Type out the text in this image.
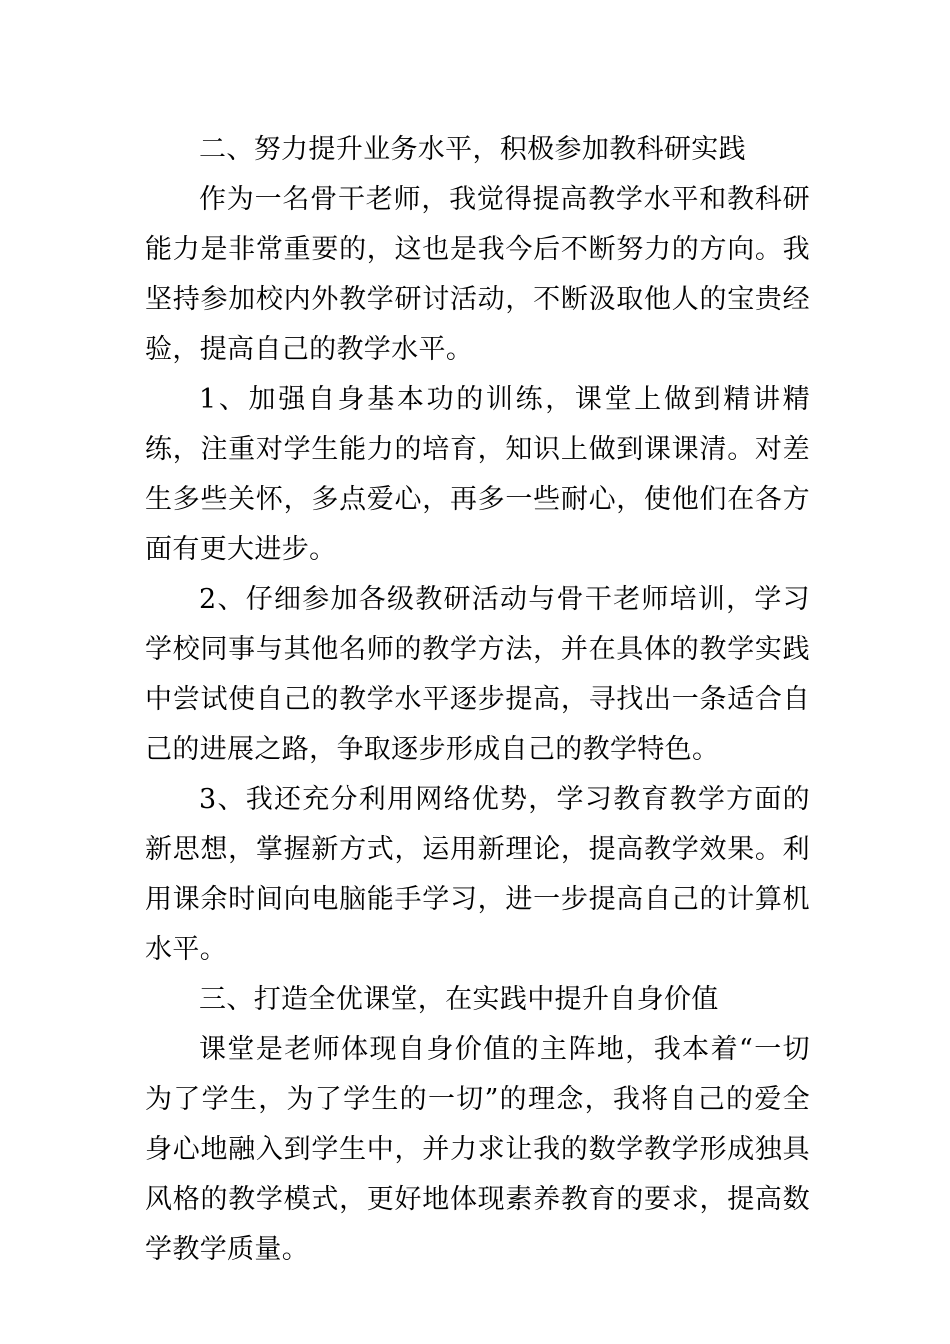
二、努力提升业务水平，积极参加教科研实践

作为一名骨干老师，我觉得提高教学水平和教科研能力是非常重要的，这也是我今后不断努力的方向。我坚持参加校内外教学研讨活动，不断汲取他人的宝贵经验，提高自己的教学水平。

1、加强自身基本功的训练，课堂上做到精讲精练，注重对学生能力的培育，知识上做到课课清。对差生多些关怀，多点爱心，再多一些耐心，使他们在各方面有更大进步。

2、仔细参加各级教研活动与骨干老师培训，学习学校同事与其他名师的教学方法，并在具体的教学实践中尝试使自己的教学水平逐步提高，寻找出一条适合自己的进展之路，争取逐步形成自己的教学特色。

3、我还充分利用网络优势，学习教育教学方面的新思想，掌握新方式，运用新理论，提高教学效果。利用课余时间向电脑能手学习，进一步提高自己的计算机水平。

三、打造全优课堂，在实践中提升自身价值

课堂是老师体现自身价值的主阵地，我本着“一切为了学生，为了学生的一切”的理念，我将自己的爱全身心地融入到学生中，并力求让我的数学教学形成独具风格的教学模式，更好地体现素养教育的要求，提高数学教学质量。
